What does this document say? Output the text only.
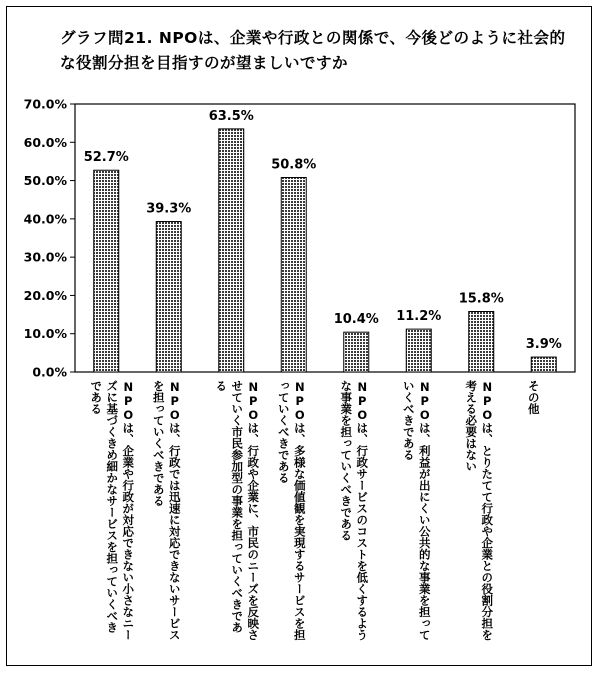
グラフ問21. NPOは、企業や行政との関係で、今後どのように社会的な役割分担を目指すのが望ましいですか
0.0%
10.0%
20.0%
30.0%
40.0%
50.0%
60.0%
70.0%
52.7%
39.3%
63.5%
50.8%
10.4% 11.2%
15.8%
3.9%
NPOは、企業や行政が対応できない小さなニーズに基づくきめ細かなサービスを担っていくべきである	NPOは、行政では迅速に対応できないサービスを担っていくべきである	NPOは、行政や企業に、市民のニーズを反映させていく市民参加型の事業を担っていくべきである	NPOは、多様な価値観を実現するサービスを担っていくべきである	NPOは、行政サービスのコストを低くするような事業を担っていくべきである	NPOは、利益が出にくい公共的な事業を担っていくべきである	NPOは、とりたてて行政や企業との役割分担を考える必要はない	その他
